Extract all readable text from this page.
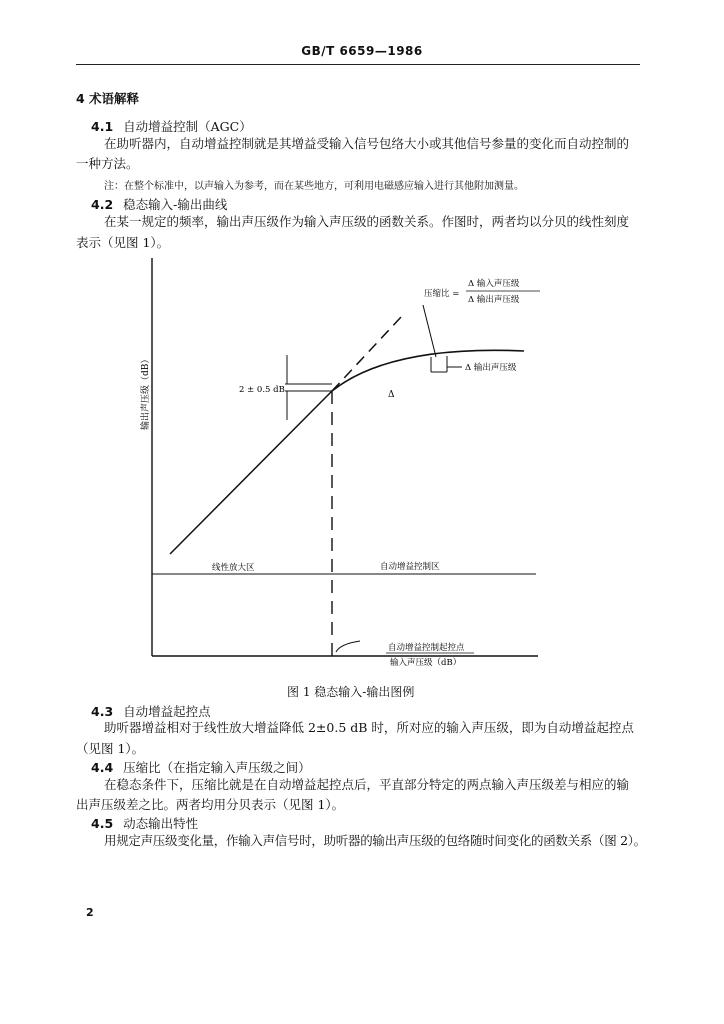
GB/T 6659—1986
4 术语解释
4.1 自动增益控制（AGC）
在助听器内，自动增益控制就是其增益受输入信号包络大小或其他信号参量的变化而自动控制的
一种方法。
注：在整个标准中，以声输入为参考，而在某些地方，可利用电磁感应输入进行其他附加测量。
4.2 稳态输入-输出曲线
在某一规定的频率，输出声压级作为输入声压级的函数关系。作图时，两者均以分贝的线性刻度
表示（见图 1）。
2 ± 0.5 dB
Δ 输出声压级
Δ
压缩比 =
Δ 输入声压级
Δ 输出声压级
输出声压级（dB）
线性放大区	自动增益控制区
自动增益控制起控点
输入声压级（dB）
图 1 稳态输入-输出图例
4.3 自动增益起控点
助听器增益相对于线性放大增益降低 2±0.5 dB 时，所对应的输入声压级，即为自动增益起控点
（见图 1）。
4.4 压缩比（在指定输入声压级之间）
在稳态条件下，压缩比就是在自动增益起控点后，平直部分特定的两点输入声压级差与相应的输
出声压级差之比。两者均用分贝表示（见图 1）。
4.5 动态输出特性
用规定声压级变化量，作输入声信号时，助听器的输出声压级的包络随时间变化的函数关系（图 2）。
2
